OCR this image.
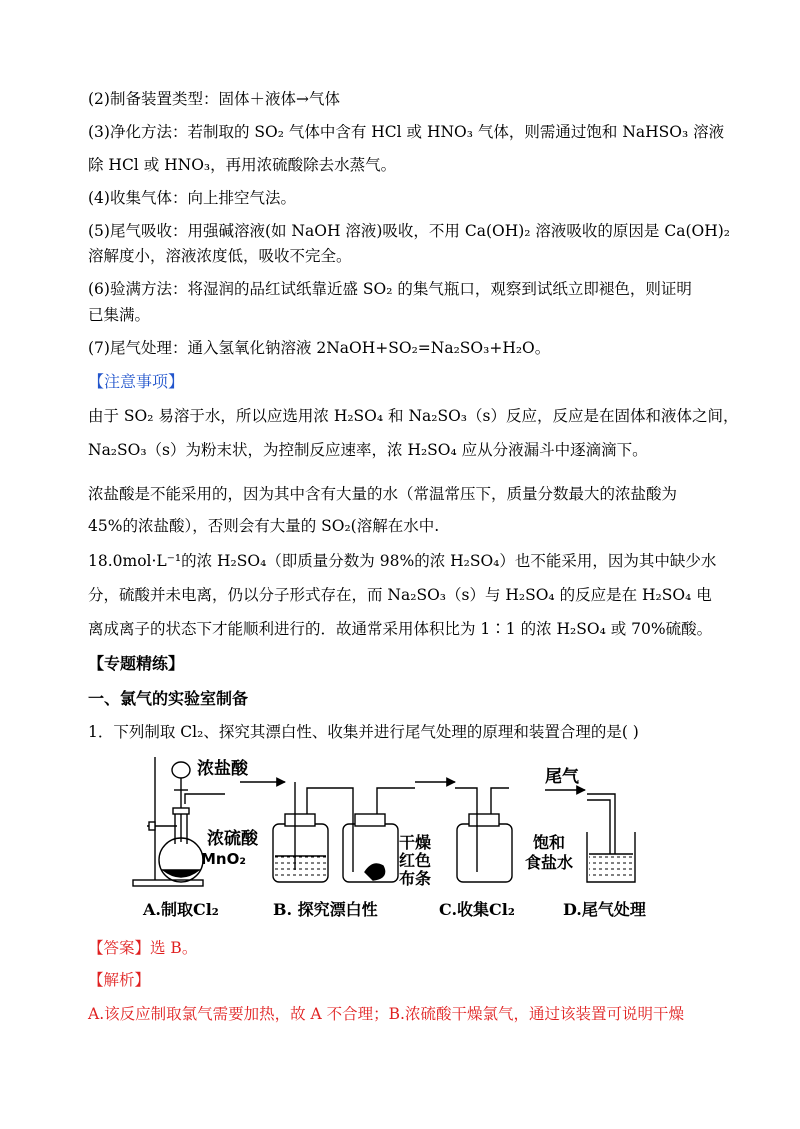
(2)制备装置类型：固体＋液体→气体
(3)净化方法：若制取的 SO₂ 气体中含有 HCl 或 HNO₃ 气体，则需通过饱和 NaHSO₃ 溶液
除 HCl 或 HNO₃，再用浓硫酸除去水蒸气。
(4)收集气体：向上排空气法。
(5)尾气吸收：用强碱溶液(如 NaOH 溶液)吸收，不用 Ca(OH)₂ 溶液吸收的原因是 Ca(OH)₂
溶解度小，溶液浓度低，吸收不完全。
(6)验满方法：将湿润的品红试纸靠近盛 SO₂ 的集气瓶口，观察到试纸立即褪色，则证明
已集满。
(7)尾气处理：通入氢氧化钠溶液 2NaOH+SO₂=Na₂SO₃+H₂O。
【注意事项】
由于 SO₂ 易溶于水，所以应选用浓 H₂SO₄ 和 Na₂SO₃（s）反应，反应是在固体和液体之间，
Na₂SO₃（s）为粉末状，为控制反应速率，浓 H₂SO₄ 应从分液漏斗中逐滴滴下。
浓盐酸是不能采用的，因为其中含有大量的水（常温常压下，质量分数最大的浓盐酸为
45%的浓盐酸），否则会有大量的 SO₂(溶解在水中.
18.0mol·L⁻¹的浓 H₂SO₄（即质量分数为 98%的浓 H₂SO₄）也不能采用，因为其中缺少水
分，硫酸并未电离，仍以分子形式存在，而 Na₂SO₃（s）与 H₂SO₄ 的反应是在 H₂SO₄ 电
离成离子的状态下才能顺利进行的．故通常采用体积比为 1∶1 的浓 H₂SO₄ 或 70%硫酸。
【专题精练】
一、氯气的实验室制备
1．下列制取 Cl₂、探究其漂白性、收集并进行尾气处理的原理和装置合理的是( )
浓盐酸
MnO₂
浓硫酸	干燥
红色
布条
尾气
饱和
食盐水
A.制取Cl₂	B. 探究漂白性	C.收集Cl₂	D.尾气处理
【答案】选 B。
【解析】
A.该反应制取氯气需要加热，故 A 不合理；B.浓硫酸干燥氯气，通过该装置可说明干燥
